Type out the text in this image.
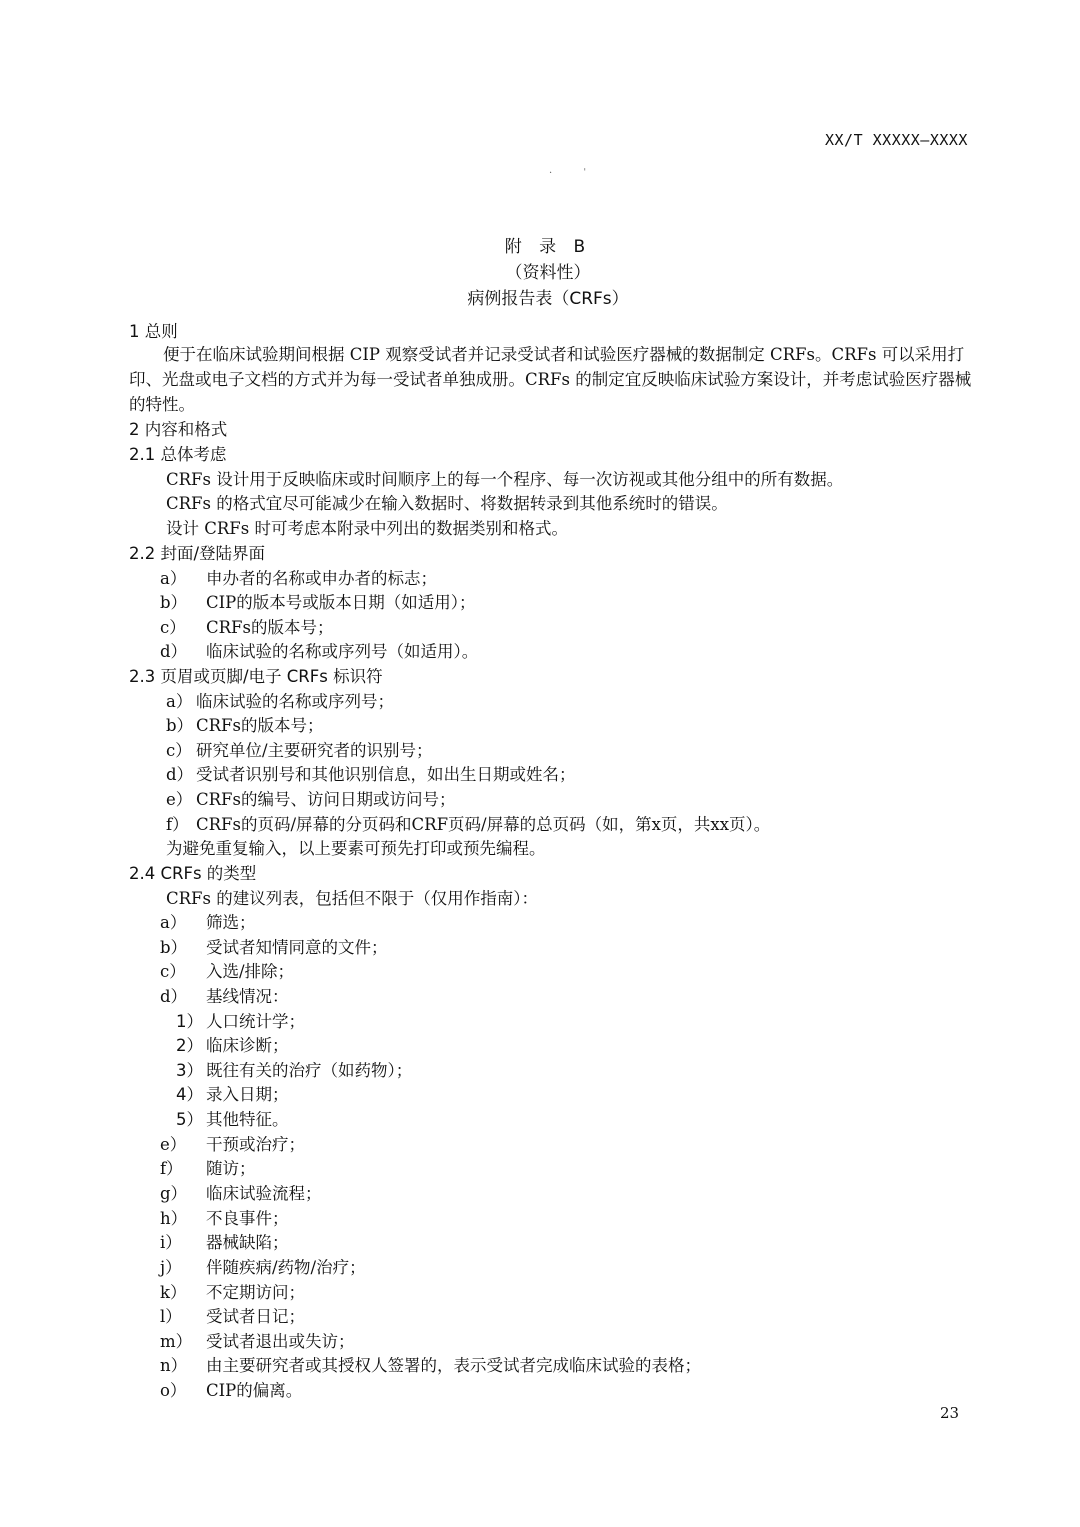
XX/T XXXXX—XXXX
· ˈ
附 录 B
（资料性）
病例报告表（CRFs）
1 总则
便于在临床试验期间根据 CIP 观察受试者并记录受试者和试验医疗器械的数据制定 CRFs。CRFs 可以采用打印、光盘或电子文档的方式并为每一受试者单独成册。CRFs 的制定宜反映临床试验方案设计，并考虑试验医疗器械的特性。
2 内容和格式
2.1 总体考虑
CRFs 设计用于反映临床或时间顺序上的每一个程序、每一次访视或其他分组中的所有数据。
CRFs 的格式宜尽可能减少在输入数据时、将数据转录到其他系统时的错误。
设计 CRFs 时可考虑本附录中列出的数据类别和格式。
2.2 封面/登陆界面
a） 申办者的名称或申办者的标志；
b） CIP的版本号或版本日期（如适用）；
c） CRFs的版本号；
d） 临床试验的名称或序列号（如适用）。
2.3 页眉或页脚/电子 CRFs 标识符
a） 临床试验的名称或序列号；
b） CRFs的版本号；
c） 研究单位/主要研究者的识别号；
d） 受试者识别号和其他识别信息，如出生日期或姓名；
e） CRFs的编号、访问日期或访问号；
f） CRFs的页码/屏幕的分页码和CRF页码/屏幕的总页码（如，第x页，共xx页）。
为避免重复输入，以上要素可预先打印或预先编程。
2.4 CRFs 的类型
CRFs 的建议列表，包括但不限于（仅用作指南）：
a） 筛选；
b） 受试者知情同意的文件；
c） 入选/排除；
d） 基线情况：
1） 人口统计学；
2） 临床诊断；
3） 既往有关的治疗（如药物）；
4） 录入日期；
5） 其他特征。
e） 干预或治疗；
f） 随访；
g） 临床试验流程；
h） 不良事件；
i） 器械缺陷；
j） 伴随疾病/药物/治疗；
k） 不定期访问；
l） 受试者日记；
m） 受试者退出或失访；
n） 由主要研究者或其授权人签署的，表示受试者完成临床试验的表格；
o） CIP的偏离。
23
